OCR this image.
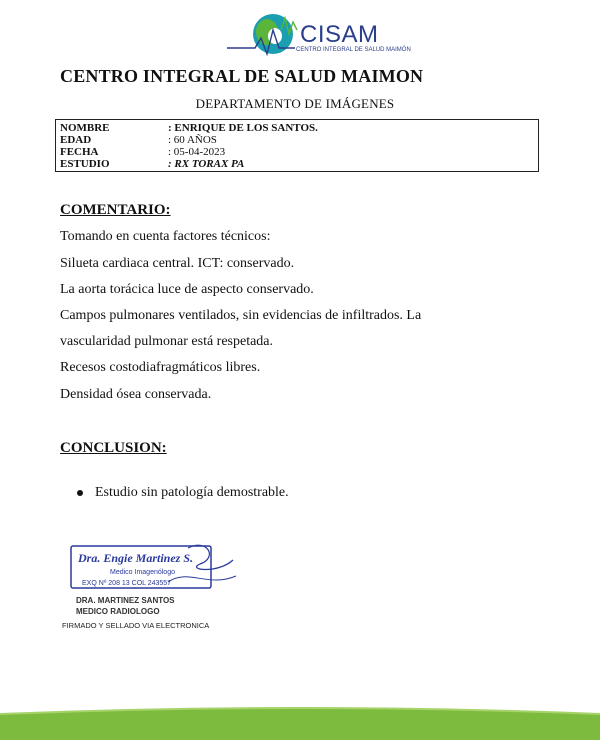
CISAM
CENTRO INTEGRAL DE SALUD MAIMÓN
CENTRO INTEGRAL DE SALUD MAIMON
DEPARTAMENTO DE IMÁGENES
NOMBRE	: ENRIQUE DE LOS SANTOS.
EDAD	: 60 AÑOS
FECHA	: 05-04-2023
ESTUDIO	: RX TORAX PA
COMENTARIO:
Tomando en cuenta factores técnicos:
Silueta cardiaca central. ICT: conservado.
La aorta torácica luce de aspecto conservado.
Campos pulmonares ventilados, sin evidencias de infiltrados. La
vascularidad pulmonar está respetada.
Recesos costodiafragmáticos libres.
Densidad ósea conservada.
CONCLUSION:
Estudio sin patología demostrable.
Dra. Engie Martinez S.
Medico Imagenólogo
EXQ Nº 208 13 COL 243557
DRA. MARTINEZ SANTOS
MEDICO RADIOLOGO
FIRMADO Y SELLADO VIA ELECTRONICA
